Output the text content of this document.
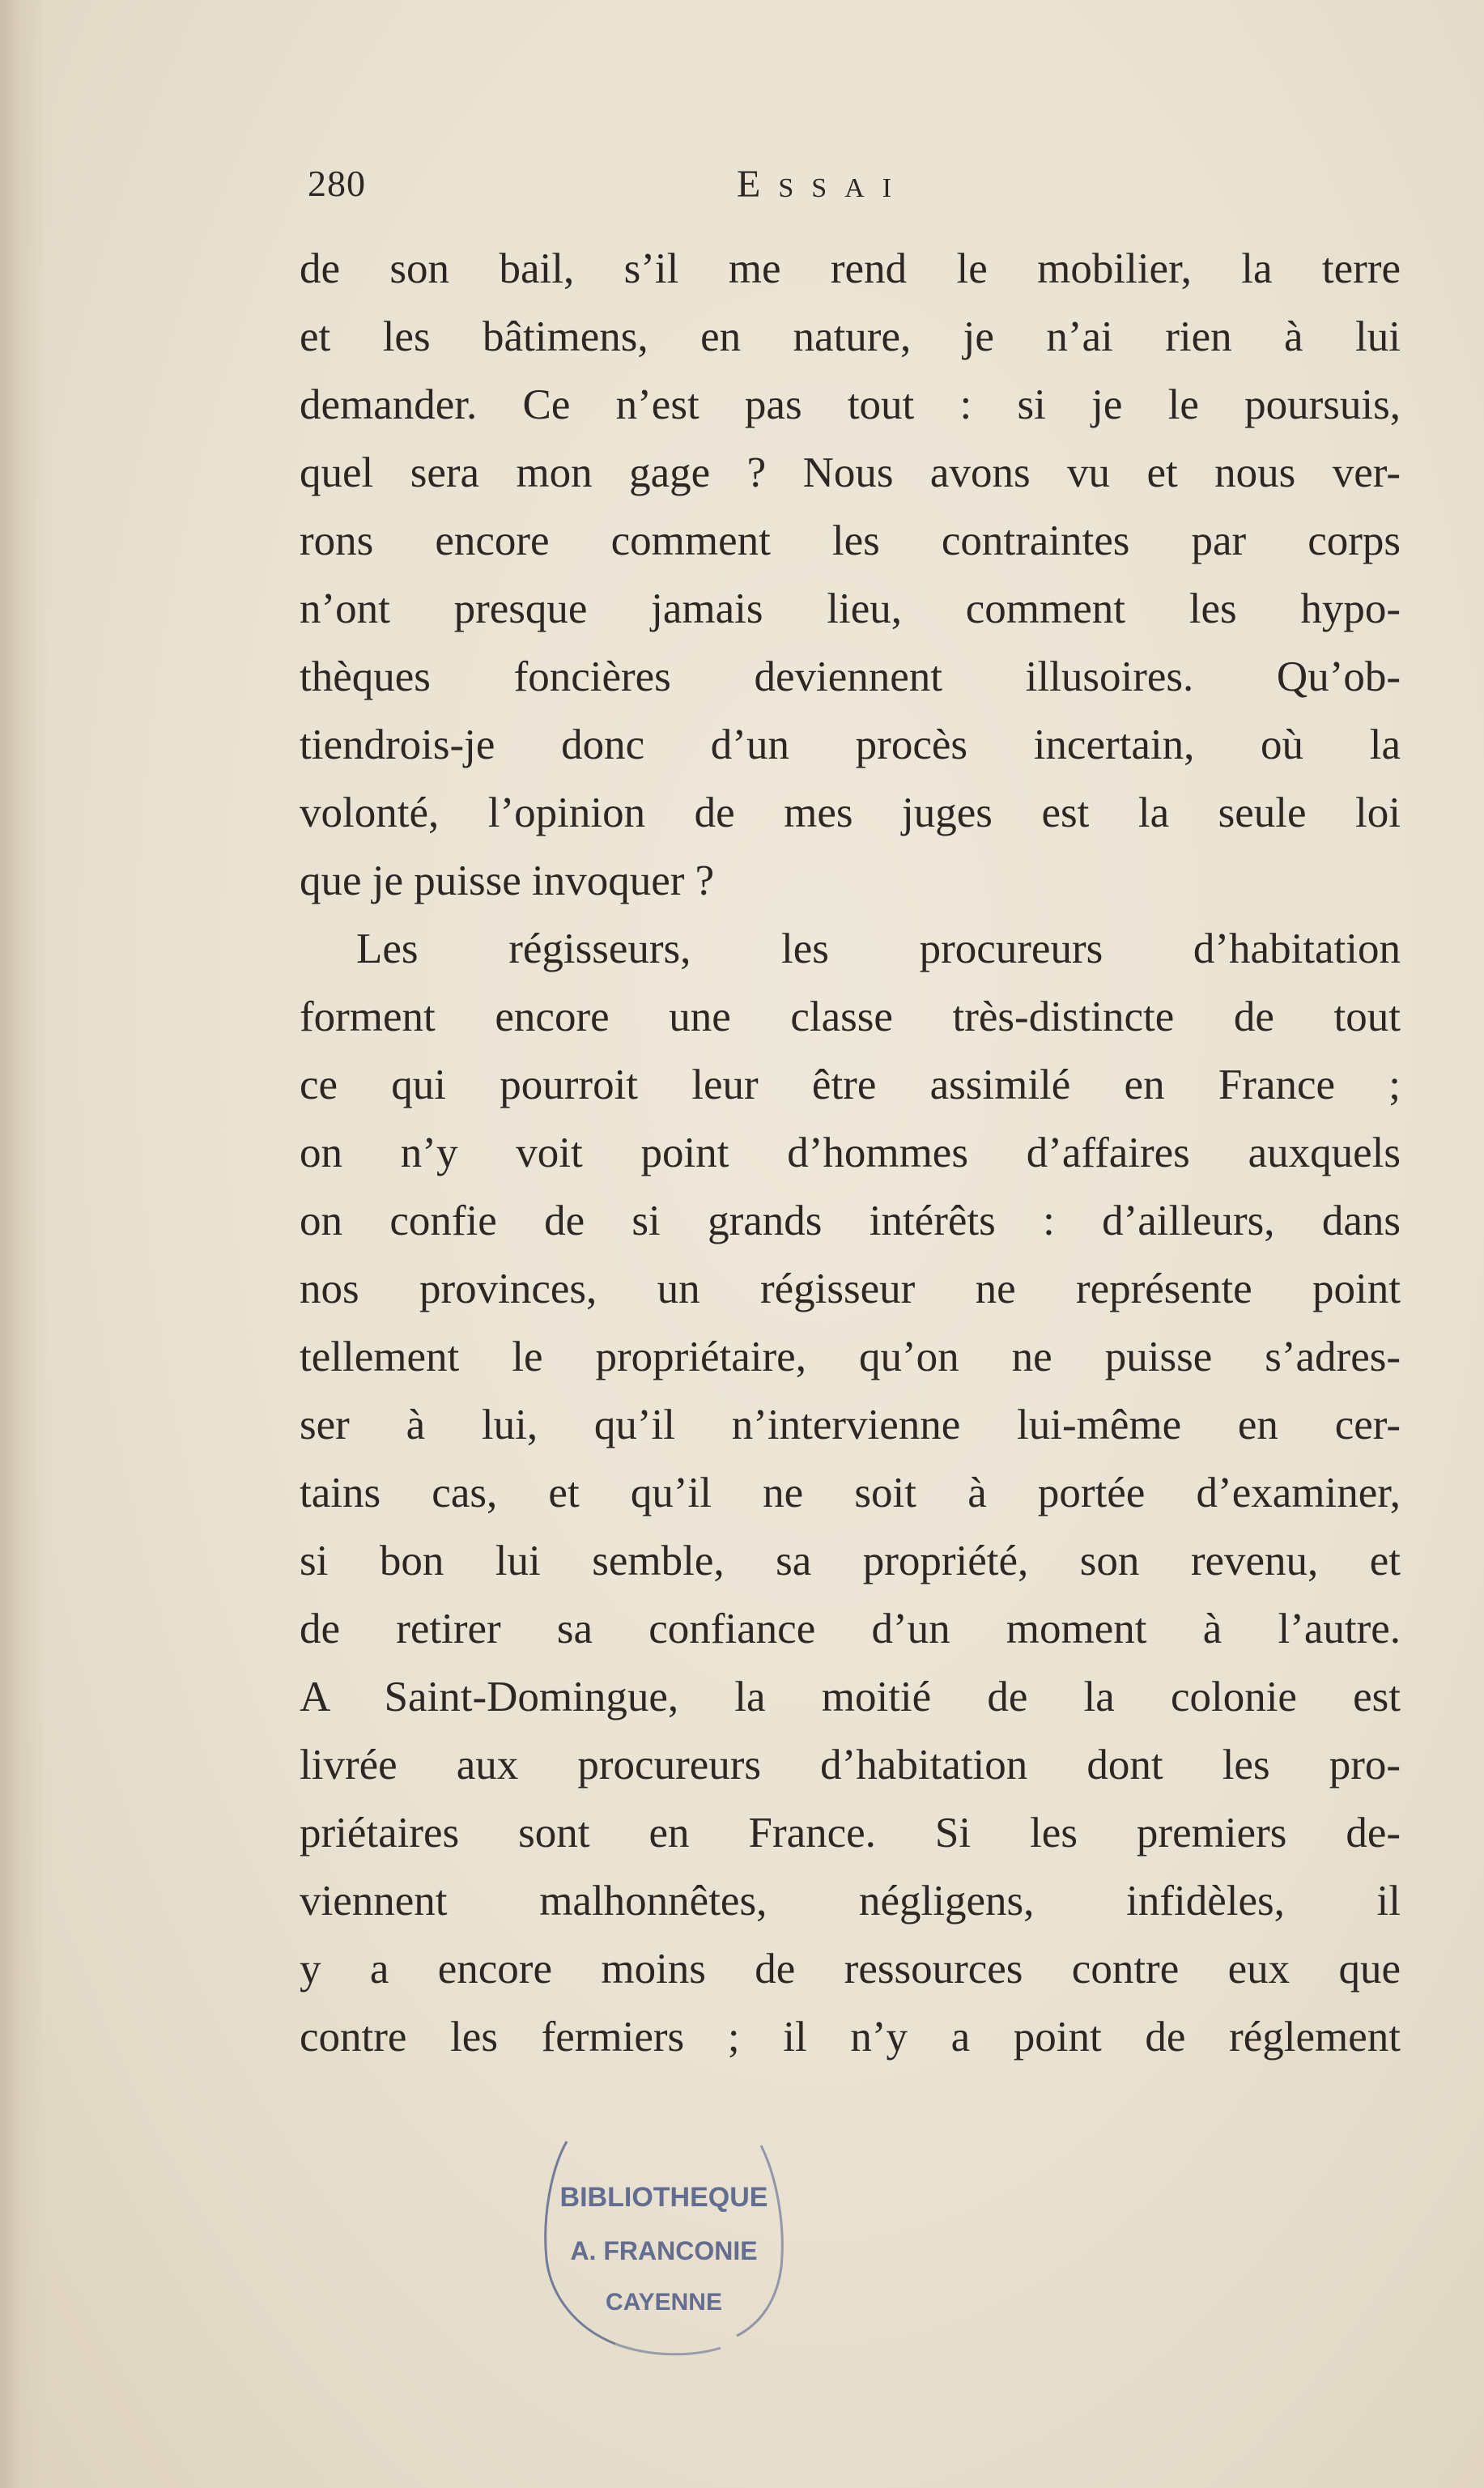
280	Essai
de son bail, s’il me rend le mobilier, la terre
et les bâtimens, en nature, je n’ai rien à lui
demander. Ce n’est pas tout : si je le poursuis,
quel sera mon gage ? Nous avons vu et nous ver-
rons encore comment les contraintes par corps
n’ont presque jamais lieu, comment les hypo-
thèques foncières deviennent illusoires. Qu’ob-
tiendrois-je donc d’un procès incertain, où la
volonté, l’opinion de mes juges est la seule loi
que je puisse invoquer ?
Les régisseurs, les procureurs d’habitation
forment encore une classe très-distincte de tout
ce qui pourroit leur être assimilé en France ;
on n’y voit point d’hommes d’affaires auxquels
on confie de si grands intérêts : d’ailleurs, dans
nos provinces, un régisseur ne représente point
tellement le propriétaire, qu’on ne puisse s’adres-
ser à lui, qu’il n’intervienne lui-même en cer-
tains cas, et qu’il ne soit à portée d’examiner,
si bon lui semble, sa propriété, son revenu, et
de retirer sa confiance d’un moment à l’autre.
A Saint-Domingue, la moitié de la colonie est
livrée aux procureurs d’habitation dont les pro-
priétaires sont en France. Si les premiers de-
viennent malhonnêtes, négligens, infidèles, il
y a encore moins de ressources contre eux que
contre les fermiers ; il n’y a point de réglement
BIBLIOTHEQUE
A. FRANCONIE
CAYENNE
